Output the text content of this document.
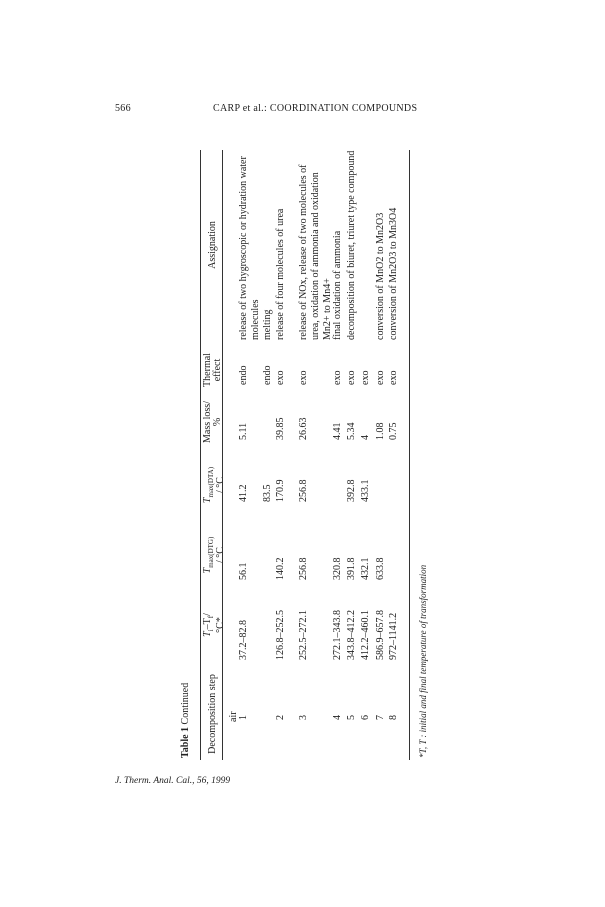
566	CARP et al.: COORDINATION COMPOUNDS
Table 1 Continued Decomposition step
$T_i-T_f/$
°C*
$T_{max(DTG)}$
/ °C
$T_{max(DTA)}$
/ °C
Mass loss/
%
Thermal
effect
Assignation
air 1
37.2–82.8
56.1
41.2
5.11
endo
release of two hygroscopic or hydration water molecules
83.5
endo
melting
2
126.8–252.5
140.2
170.9
39.85
exo
release of four molecules of urea
3
252.5–272.1
256.8
256.8
26.63
exo
release of NOx, release of two molecules of urea, oxidation of ammonia and oxidation Mn2+ to Mn4+
4
272.1–343.8
320.8
4.41
exo
final oxidation of ammonia
5
343.8–412.2
391.8
392.8
5.34
exo
decomposition of biuret, triuret type compound
6
412.2–460.1
432.1
433.1
4
exo
7
586.9–657.8
633.8
1.08
exo
conversion of MnO2 to Mn2O3
8
972–1141.2
0.75
exo
conversion of Mn2O3 to Mn3O4
*T, T : initial and final temperature of transformation
J. Therm. Anal. Cal., 56, 1999
